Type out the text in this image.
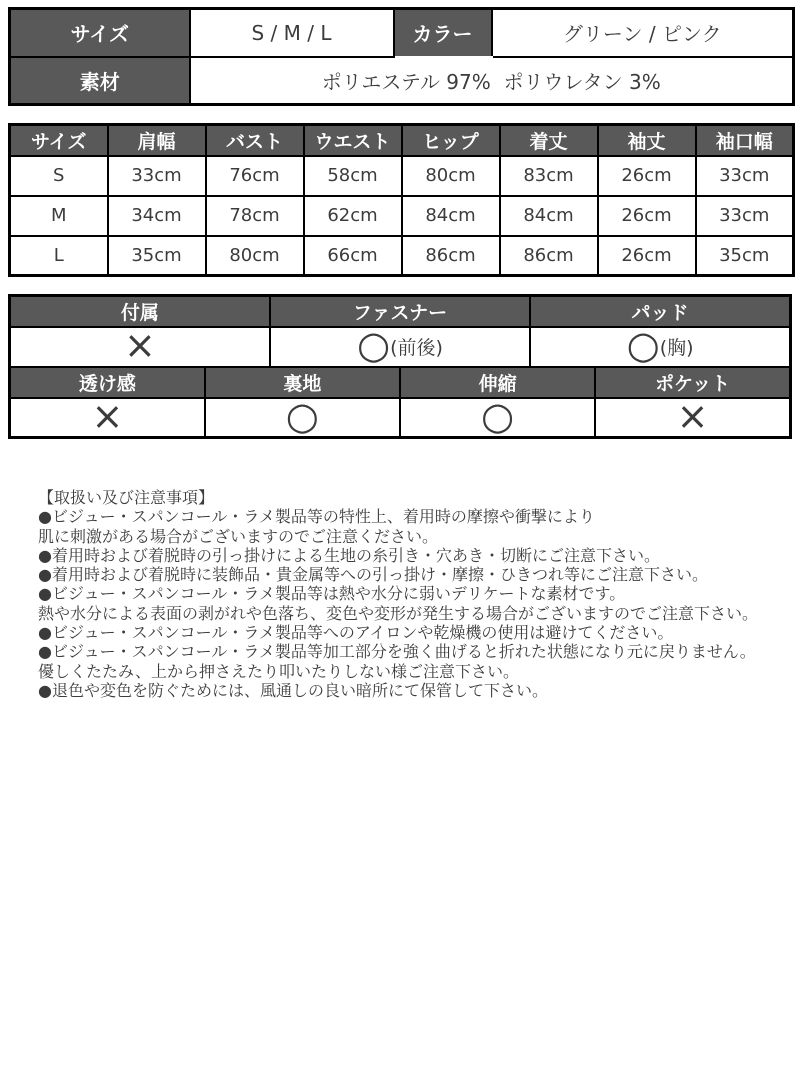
サイズ	S / M / L	カラー	グリーン / ピンク
素材	ポリエステル 97%  ポリウレタン 3%		
サイズ	肩幅	バスト	ウエスト	ヒップ	着丈	袖丈	袖口幅
S	33cm	76cm	58cm	80cm	83cm	26cm	33cm
M	34cm	78cm	62cm	84cm	84cm	26cm	33cm
L	35cm	80cm	66cm	86cm	86cm	26cm	35cm
付属		ファスナー		パッド	
×		○(前後)		○(胸)	
透け感	裏地		伸縮		ポケット
×	○		○		×
【取扱い及び注意事項】
●ビジュー・スパンコール・ラメ製品等の特性上、着用時の摩擦や衝撃により
肌に刺激がある場合がございますのでご注意ください。
●着用時および着脱時の引っ掛けによる生地の糸引き・穴あき・切断にご注意下さい。
●着用時および着脱時に装飾品・貴金属等への引っ掛け・摩擦・ひきつれ等にご注意下さい。
●ビジュー・スパンコール・ラメ製品等は熱や水分に弱いデリケートな素材です。
熱や水分による表面の剥がれや色落ち、変色や変形が発生する場合がございますのでご注意下さい。
●ビジュー・スパンコール・ラメ製品等へのアイロンや乾燥機の使用は避けてください。
●ビジュー・スパンコール・ラメ製品等加工部分を強く曲げると折れた状態になり元に戻りません。
優しくたたみ、上から押さえたり叩いたりしない様ご注意下さい。
●退色や変色を防ぐためには、風通しの良い暗所にて保管して下さい。
